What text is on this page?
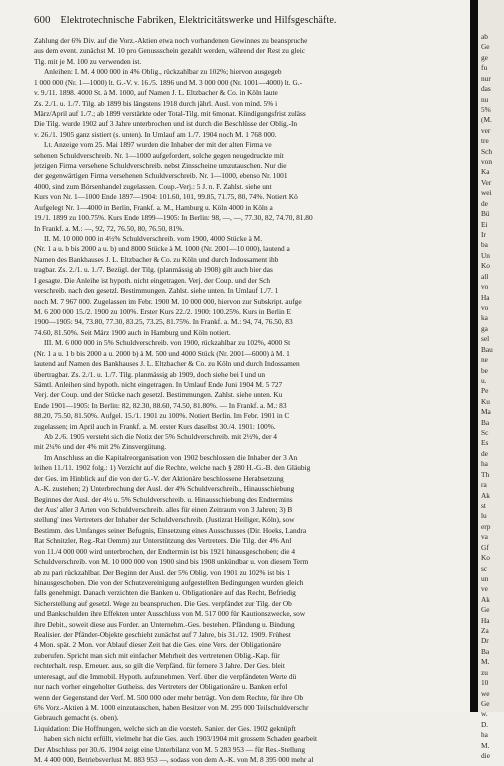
600 Elektrotechnische Fabriken, Elektricitätswerke und Hilfsgeschäfte.
Zahlung der 6% Div. auf die Vorz.-Aktien etwa noch vorhandenen Gewinnes zu beanspruche
aus dem event. zunächst M. 10 pro Genussschein gezahlt werden, während der Rest zu gleic
Tlg. mit je M. 100 zu verwenden ist.
Anleihen: I. M. 4 000 000 in 4% Oblig., rückzahlbar zu 102%; hiervon ausgegeb
1 000 000 (Nr. 1—1000) lt. G.-V. v. 16./5. 1896 und M. 3 000 000 (Nr. 1001—4000) lt. G.-
v. 9./11. 1898. 4000 St. à M. 1000, auf Namen J. L. Eltzbacher & Co. in Köln laute
Zs. 2./1. u. 1./7. Tilg. ab 1899 bis längstens 1918 durch jährl. Ausl. von mind. 5% i
März/April auf 1./7.; ab 1899 verstärkte oder Total-Tilg. mit 6monat. Kündigungsfrist zuläss
Die Tilg. wurde 1902 auf 3 Jahre unterbrochen und ist durch die Beschlüsse der Oblig.-In
v. 26./1. 1905 ganz sistiert (s. unten). In Umlauf am 1./7. 1904 noch M. 1 768 000.
Lt. Anzeige vom 25. Mai 1897 wurden die Inhaber der mit der alten Firma ve
sehenen Schuldverschreib. Nr. 1—1000 aufgefordert, solche gegen neugedruckte mit
jetzigen Firma versehene Schuldverschreib. nebst Zinsscheine umzutauschen. Nur die
der gegenwärtigen Firma versehenen Schuldverschreib. Nr. 1—1000, ebenso Nr. 1001
4000, sind zum Börsenhandel zugelassen. Coup.-Verj.: 5 J. n. F. Zahlst. siehe unt
Kurs von Nr. 1—1000 Ende 1897—1904: 101.60, 101, 99.85, 71.75, 80, 74%. Notiert Kö
Aufgelegt Nr. 1—4000 in Berlin, Frankf. a. M., Hamburg u. Köln 4000 in Köln a
19./1. 1899 zu 100.75%. Kurs Ende 1899—1905: In Berlin: 98, —, —, 77.30, 82, 74.70, 81.80
In Frankf. a. M.: —, 92, 72, 76.50, 80, 76.50, 81%.
II. M. 10 000 000 in 4½% Schuldverschreib. vom 1900, 4000 Stücke à M.
(Nr. 1 a u. b bis 2000 a u. b) und 8000 Stücke à M. 1000 (Nr. 2001—10 000), lautend a
Namen des Bankhauses J. L. Eltzbacher & Co. zu Köln und durch Indossament ihb
tragbar. Zs. 2./1. u. 1./7. Bezügl. der Tilg. (planmässig ab 1908) gilt auch hier das
I gesagte. Die Anleihe ist hypoth. nicht eingetragen. Verj. der Coup. und der Sch
verschreib. nach den gesetzl. Bestimmungen. Zahlst. siehe unten. In Umlauf 1./7. 1
noch M. 7 967 000. Zugelassen im Febr. 1900 M. 10 000 000, hiervon zur Subskript. aufge
M. 6 200 000 15./2. 1900 zu 100%. Erster Kurs 22./2. 1900: 100.25%. Kurs in Berlin E
1900—1905: 94, 73.80, 77.30, 83.25, 73.25, 81.75%. In Frankf. a. M.: 94, 74, 76.50, 83
74.60, 81.50%. Seit März 1900 auch in Hamburg und Köln notiert.
III. M. 6 000 000 in 5% Schuldverschreib. von 1900, rückzahlbar zu 102%, 4000 St
(Nr. 1 a u. 1 b bis 2000 a u. 2000 b) à M. 500 und 4000 Stück (Nr. 2001—6000) à M. 1
lautend auf Namen des Bankhauses J. L. Eltzbacher & Co. zu Köln und durch Indossamen
übertragbar. Zs. 2./1. u. 1./7. Tilg. planmässig ab 1909, doch siehe bei I und un
Sämtl. Anleihen sind hypoth. nicht eingetragen. In Umlauf Ende Juni 1904 M. 5 727
Verj. der Coup. und der Stücke nach gesetzl. Bestimmungen. Zahlst. siehe unten. Ku
Ende 1901—1905: In Berlin: 82, 82.30, 88.60, 74.50, 81.80%. — In Frankf. a. M.: 83
88.20, 75.50, 81.50%. Aufgel. 15./1. 1901 zu 100%. Notiert Berlin. Im Febr. 1901 in C
zugelassen; im April auch in Frankf. a. M. erster Kurs daselbst 30./4. 1901: 100%.
Ab 2./6. 1905 versteht sich die Notiz der 5% Schuldverschreib. mit 2½%, der 4
mit 2¼% und der 4% mit 2% Zinsvergütung.
Im Anschluss an die Kapitalreorganisation von 1902 beschlossen die Inhaber der 3 An
leihen 11./11. 1902 folg.: 1) Verzicht auf die Rechte, welche nach § 280 H.-G.-B. den Gläubig
der Ges. im Hinblick auf die von der G.-V. der Aktionäre beschlossene Herabsetzung
A.-K. zustehen; 2) Unterbrechung der Ausl. der 4% Schuldverschreib., Hinausschiebung
Beginnes der Ausl. der 4½ u. 5% Schuldverschreib. u. Hinausschiebung des Endtermins
der Aus' aller 3 Arten von Schuldverschreib. alles für einen Zeitraum von 3 Jahren; 3) B
stellung' ines Vertreters der Inhaber der Schuldverschreib. (Justizrat Heiliger, Köln), sow
Bestimm. des Umfanges seiner Befugnis, Einsetzung eines Ausschusses (Dir. Hoeks, Landra
Rat Schnitzler, Reg.-Rat Oemm) zur Unterstützung des Vertreters. Die Tilg. der 4% Anl
von 11./4 000 000 wird unterbrochen, der Endtermin ist bis 1921 hinausgeschoben; die 4
Schuldverschreib. von M. 10 000 000 von 1900 sind bis 1908 unkündbar u. von diesem Term
ab zu pari rückzahlbar. Der Beginn der Ausl. der 5% Oblig. von 1901 zu 102% ist bis 1
hinausgeschoben. Die von der Schutzvereinigung aufgestellten Bedingungen wurden gleich
falls genehmigt. Danach verzichten die Banken u. Obligationäre auf das Recht, Befriedig
Sicherstellung auf gesetzl. Wege zu beanspruchen. Die Ges. verpfändet zur Tilg. der Ob
und Bankschulden ihre Effekten unter Ausschluss von M. 517 000 für Kautionszwecke, sow
ihre Debit., soweit diese aus Forder. an Unternehm.-Ges. bestehen. Pfändung u. Bindung
Realisier. der Pfänder-Objekte geschieht zunächst auf 7 Jahre, bis 31./12. 1909. Frühest
4 Mon. spät. 2 Mon. vor Ablauf dieser Zeit hat die Ges. eine Vers. der Obligationäre
zuberufen. Spricht man sich mit einfacher Mehrheit des vertretenen Oblig.-Kap. für
rechterhalt. resp. Erneuer. aus, so gilt die Verpfänd. für fernere 3 Jahre. Der Ges. bleit
unteresagt, auf die Immobil. Hypoth. aufzunehmen. Verf. über die verpfändeten Werte dü
nur nach vorher eingeholter Gutheiss. des Vertreters der Obligationäre u. Banken erfol
wenn der Gegenstand der Verf. M. 500 000 oder mehr beträgt. Von dem Rechte, für ihre Ob
6% Vorz.-Aktien à M. 1000 einzutauschen, haben Besitzer von M. 295 000 Teilschuldverschr
Gebrauch gemacht (s. oben).
Liquidation: Die Hoffnungen, welche sich an die vorsteh. Sanier. der Ges. 1902 geknüpft
haben sich nicht erfüllt, vielmehr hat die Ges. auch 1903/1904 mit grossem Schaden gearbeit
Der Abschluss per 30./6. 1904 zeigt eine Unterbilanz von M. 5 283 953 — für Res.-Stellung
M. 4 400 000, Betriebsverlust M. 883 953 —, sodass von dem A.-K. von M. 8 395 000 mehr al
ab
Ge
ge
fu
nur
das
nu
5%
(M.
ver
tre
Sch
von
Ka
Ver
wei
de
Bü
Ei
Ir
ba
Un
Ko
all
vo
Ha
vo
ka
ga
sel
Bau
ne
be
u.
Pe
Ku
Ma
Ba
Sc
Es
de
ha
Th
ra
Ak
st
lu
erp
va
Gf
Ko
sc
un
ve
Ak
Ge
Ha
Za
Dr
Ba
M.
zu
10
we
Ge
w.
D.
ha
M.
die
